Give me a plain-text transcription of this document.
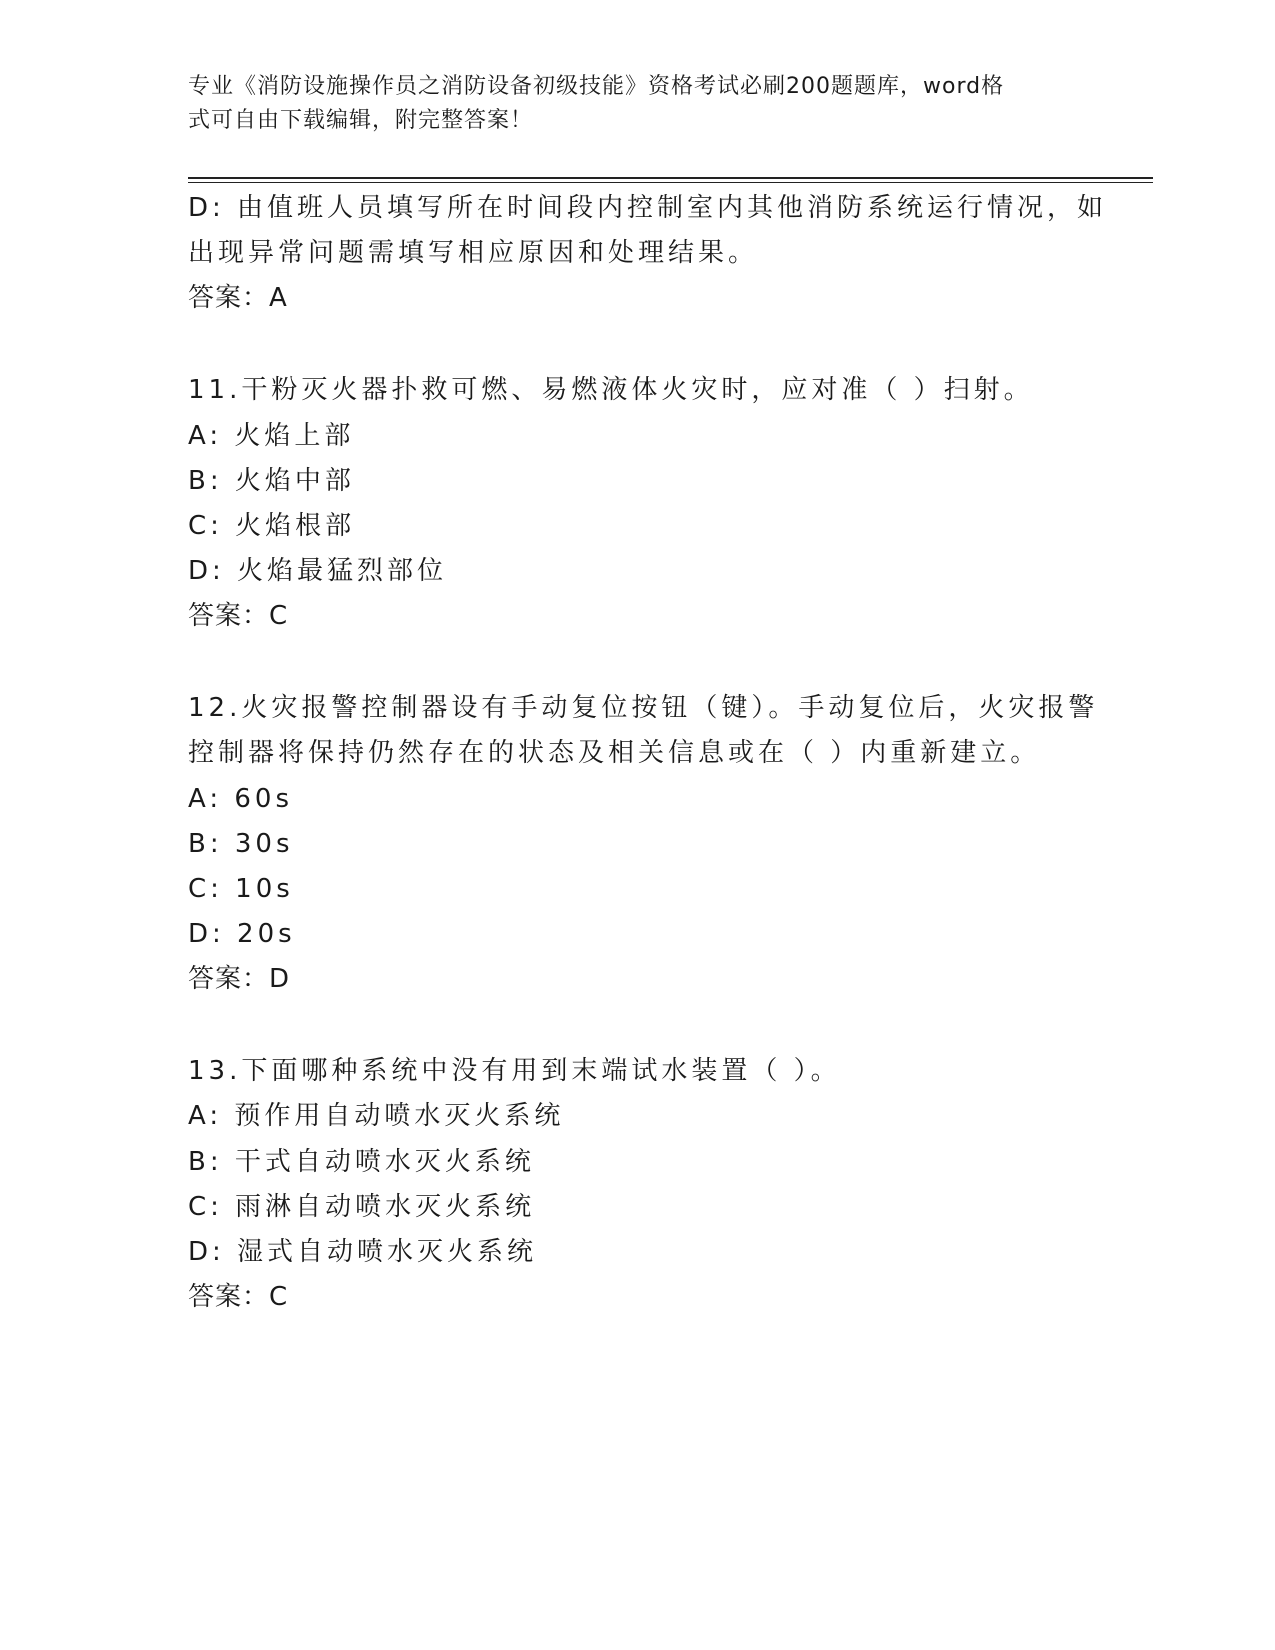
专业《消防设施操作员之消防设备初级技能》资格考试必刷200题题库，word格
式可自由下载编辑，附完整答案！
D: 由值班人员填写所在时间段内控制室内其他消防系统运行情况，如
出现异常问题需填写相应原因和处理结果。
答案：A
11.干粉灭火器扑救可燃、易燃液体火灾时，应对准（ ）扫射。
A: 火焰上部
B: 火焰中部
C: 火焰根部
D: 火焰最猛烈部位
答案：C
12.火灾报警控制器设有手动复位按钮（键）。手动复位后，火灾报警
控制器将保持仍然存在的状态及相关信息或在（ ）内重新建立。
A: 60s
B: 30s
C: 10s
D: 20s
答案：D
13.下面哪种系统中没有用到末端试水装置（ ）。
A: 预作用自动喷水灭火系统
B: 干式自动喷水灭火系统
C: 雨淋自动喷水灭火系统
D: 湿式自动喷水灭火系统
答案：C
